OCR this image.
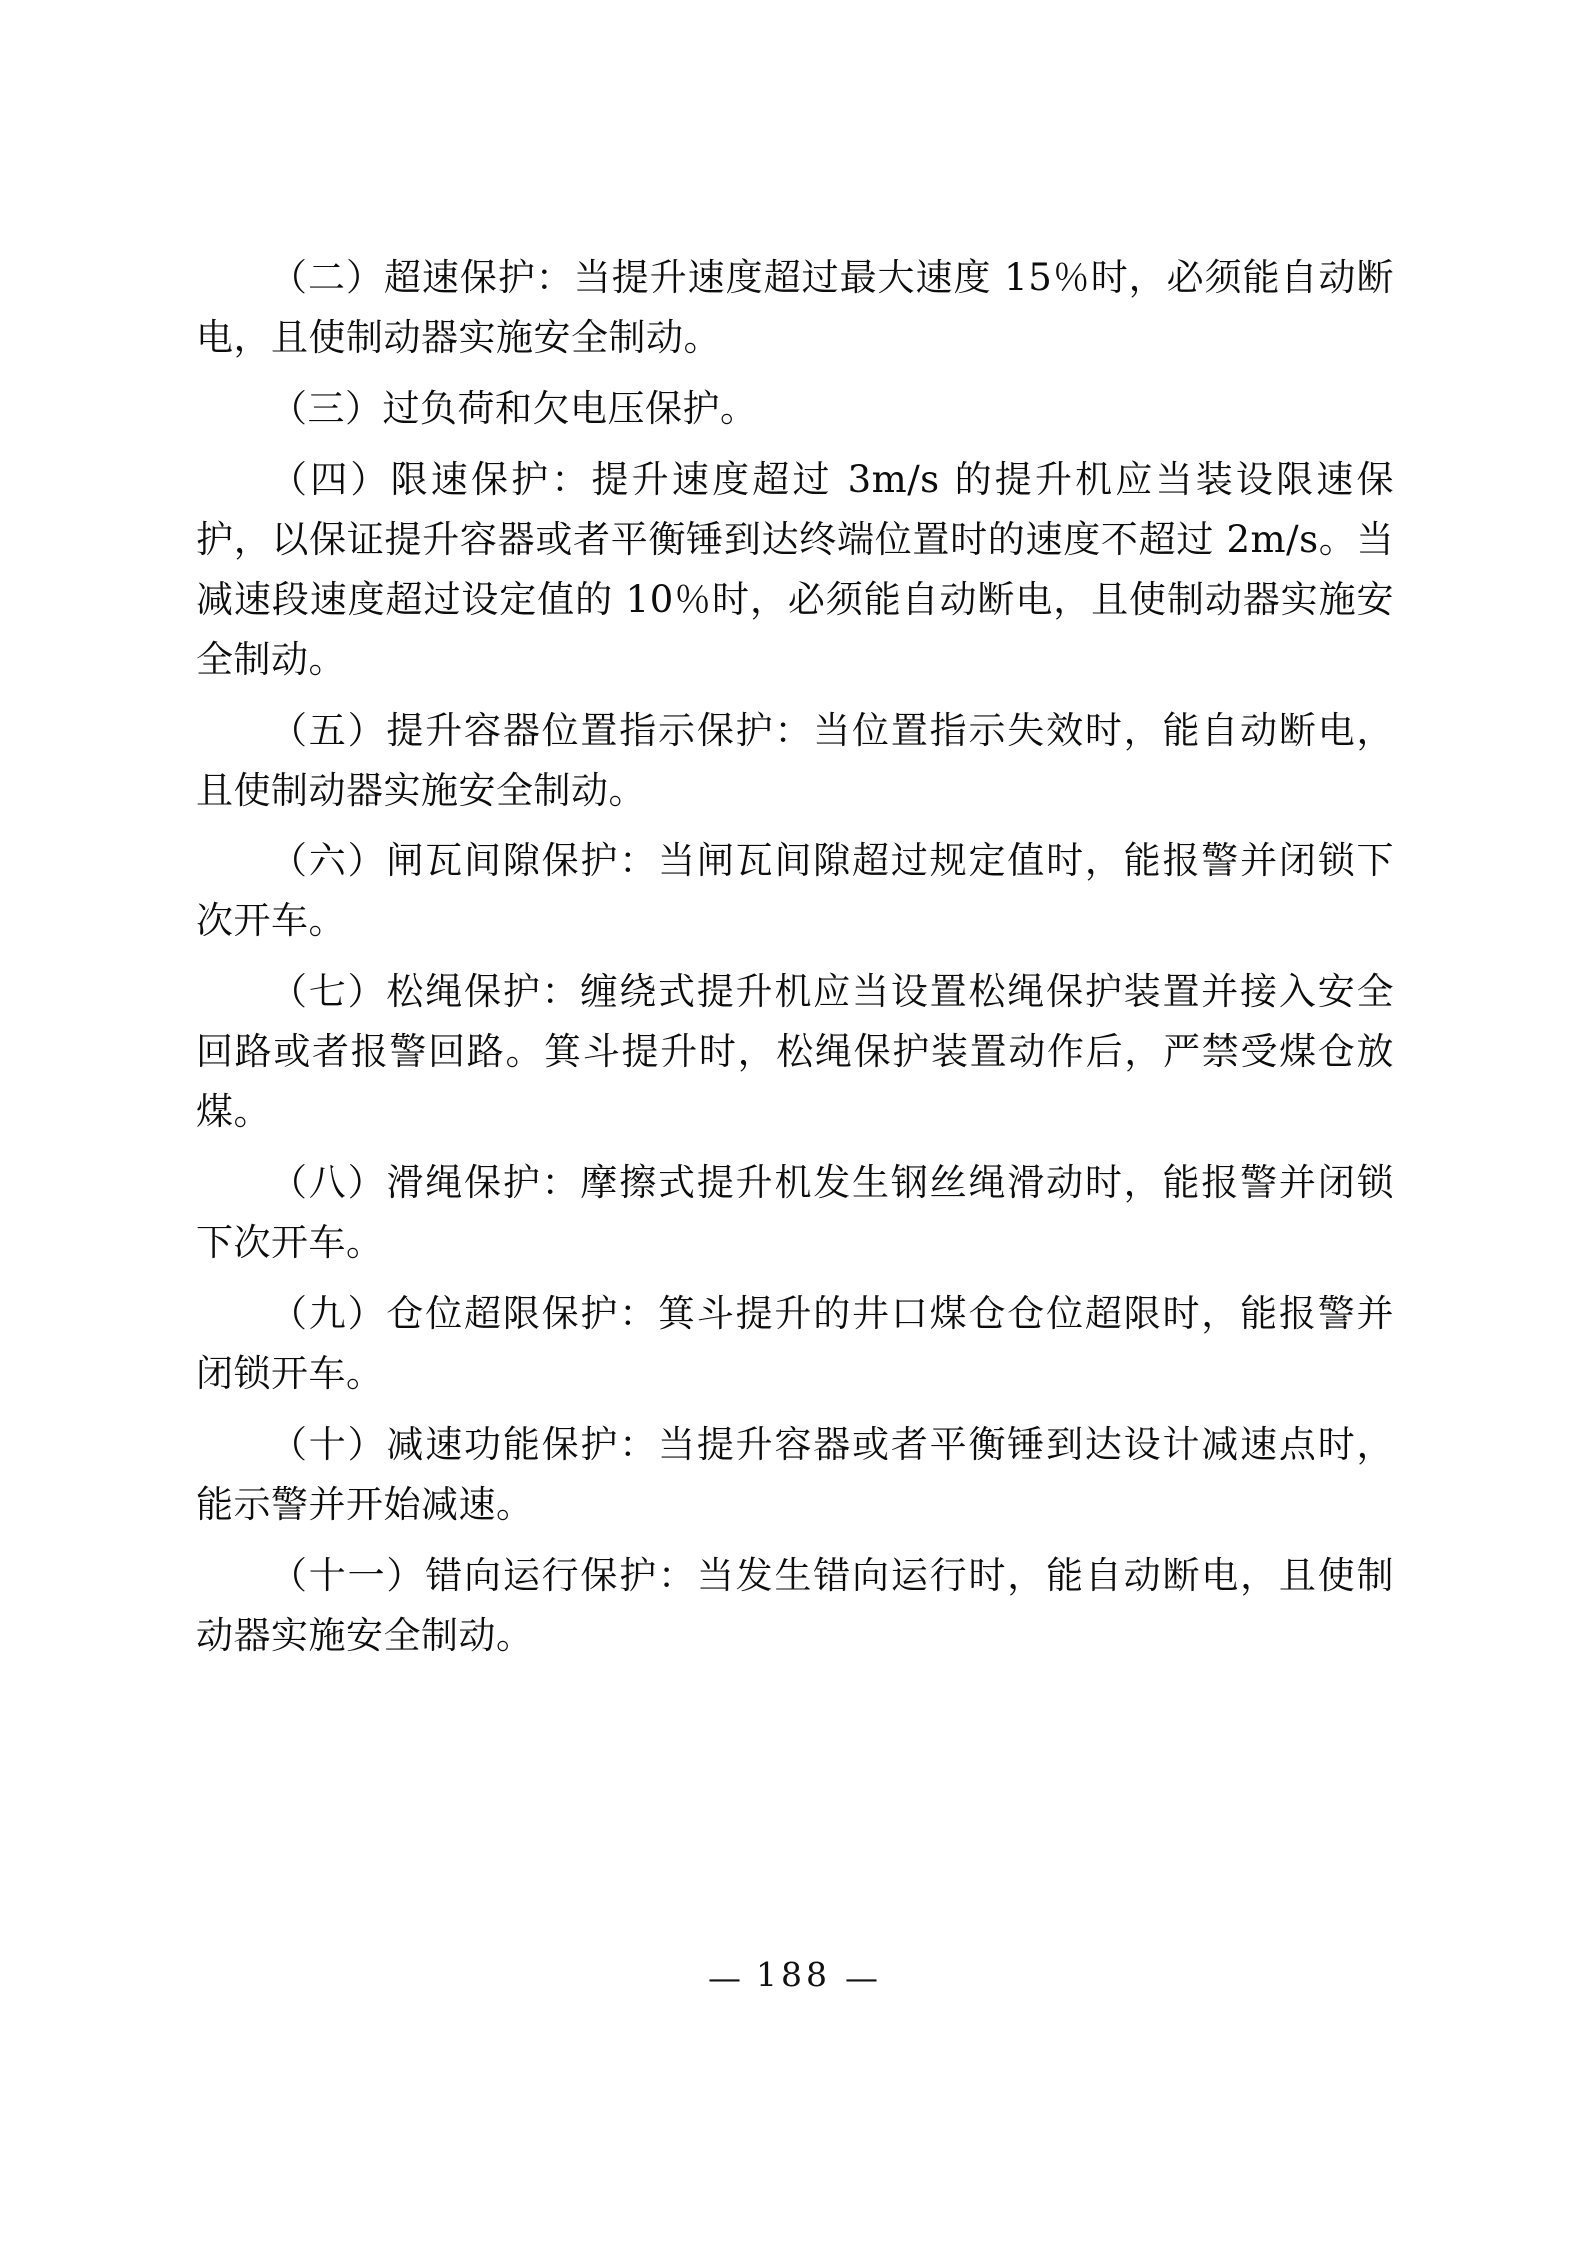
（二）超速保护：当提升速度超过最大速度 15％时，必须能自动断电，且使制动器实施安全制动。

（三）过负荷和欠电压保护。

（四）限速保护：提升速度超过 3m/s 的提升机应当装设限速保护，以保证提升容器或者平衡锤到达终端位置时的速度不超过 2m/s。当减速段速度超过设定值的 10％时，必须能自动断电，且使制动器实施安全制动。

（五）提升容器位置指示保护：当位置指示失效时，能自动断电，且使制动器实施安全制动。

（六）闸瓦间隙保护：当闸瓦间隙超过规定值时，能报警并闭锁下次开车。

（七）松绳保护：缠绕式提升机应当设置松绳保护装置并接入安全回路或者报警回路。箕斗提升时，松绳保护装置动作后，严禁受煤仓放煤。

（八）滑绳保护：摩擦式提升机发生钢丝绳滑动时，能报警并闭锁下次开车。

（九）仓位超限保护：箕斗提升的井口煤仓仓位超限时，能报警并闭锁开车。

（十）减速功能保护：当提升容器或者平衡锤到达设计减速点时，能示警并开始减速。

（十一）错向运行保护：当发生错向运行时，能自动断电，且使制动器实施安全制动。

— 188 —
